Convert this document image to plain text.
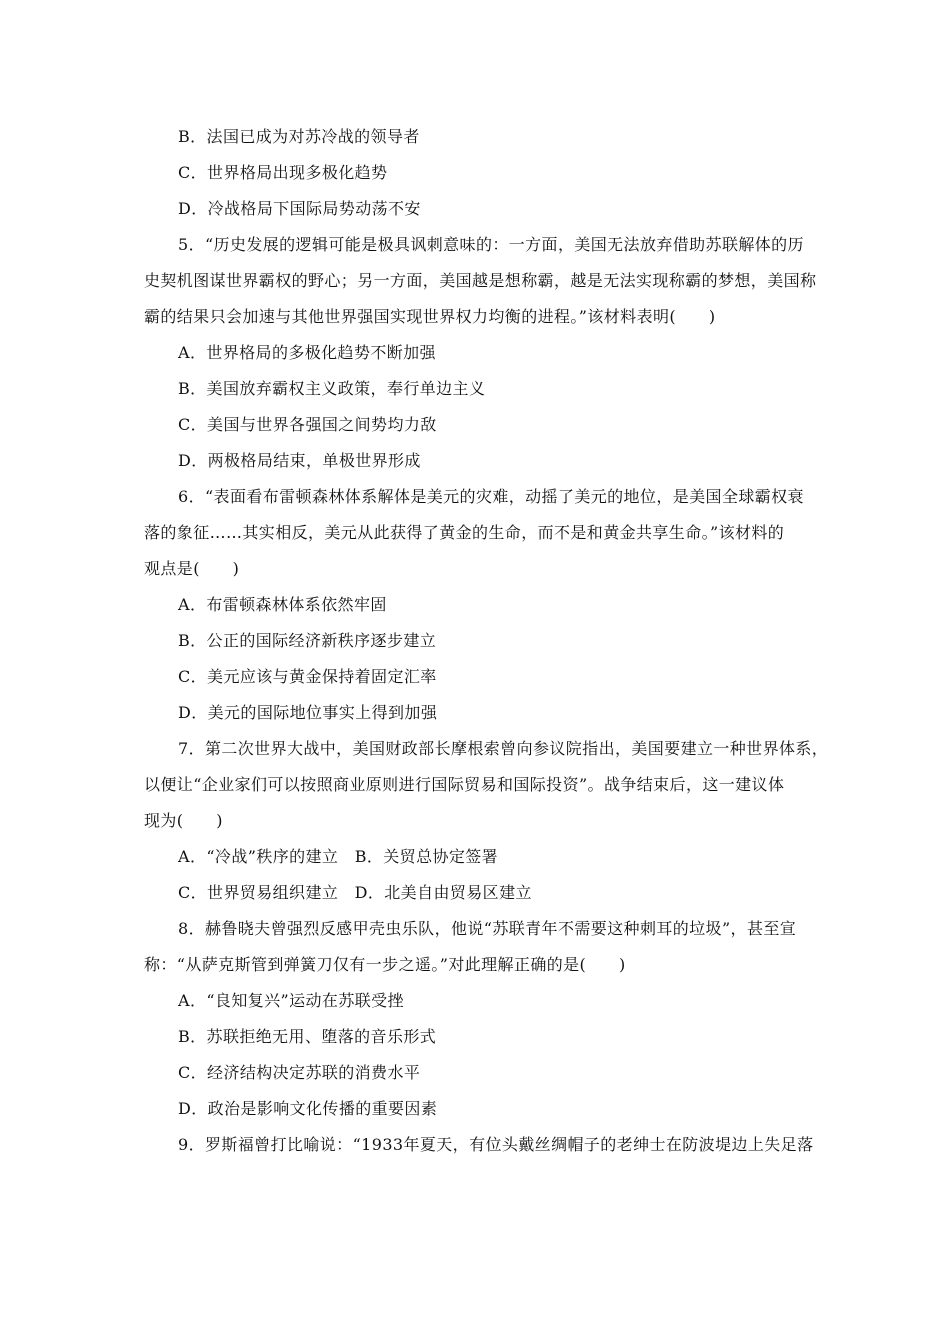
B．法国已成为对苏冷战的领导者
C．世界格局出现多极化趋势
D．冷战格局下国际局势动荡不安
5．“历史发展的逻辑可能是极具讽刺意味的：一方面，美国无法放弃借助苏联解体的历
史契机图谋世界霸权的野心；另一方面，美国越是想称霸，越是无法实现称霸的梦想，美国称
霸的结果只会加速与其他世界强国实现世界权力均衡的进程。”该材料表明(　　)
A．世界格局的多极化趋势不断加强
B．美国放弃霸权主义政策，奉行单边主义
C．美国与世界各强国之间势均力敌
D．两极格局结束，单极世界形成
6．“表面看布雷顿森林体系解体是美元的灾难，动摇了美元的地位，是美国全球霸权衰
落的象征……其实相反，美元从此获得了黄金的生命，而不是和黄金共享生命。”该材料的
观点是(　　)
A．布雷顿森林体系依然牢固
B．公正的国际经济新秩序逐步建立
C．美元应该与黄金保持着固定汇率
D．美元的国际地位事实上得到加强
7．第二次世界大战中，美国财政部长摩根索曾向参议院指出，美国要建立一种世界体系，
以便让“企业家们可以按照商业原则进行国际贸易和国际投资”。战争结束后，这一建议体
现为(　　)
A．“冷战”秩序的建立　B．关贸总协定签署
C．世界贸易组织建立　D．北美自由贸易区建立
8．赫鲁晓夫曾强烈反感甲壳虫乐队，他说“苏联青年不需要这种刺耳的垃圾”，甚至宣
称：“从萨克斯管到弹簧刀仅有一步之遥。”对此理解正确的是(　　)
A．“良知复兴”运动在苏联受挫
B．苏联拒绝无用、堕落的音乐形式
C．经济结构决定苏联的消费水平
D．政治是影响文化传播的重要因素
9．罗斯福曾打比喻说：“1933年夏天，有位头戴丝绸帽子的老绅士在防波堤边上失足落
